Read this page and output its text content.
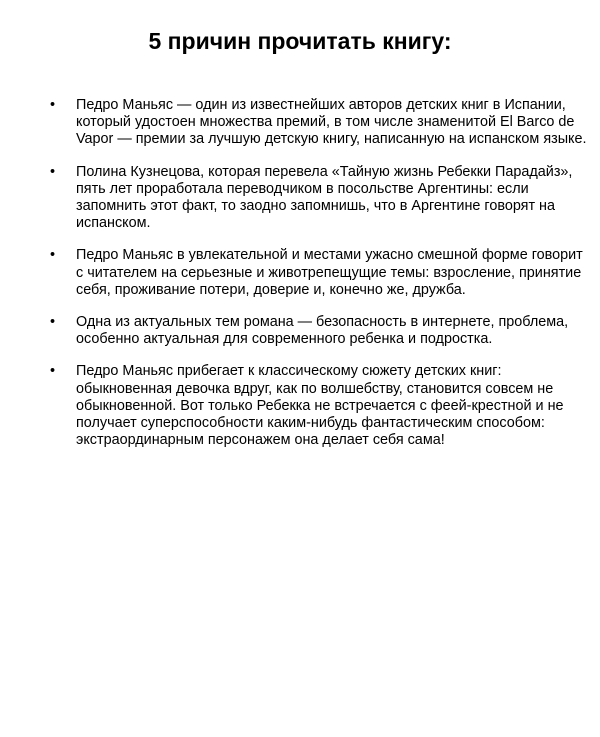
5 причин прочитать книгу:
•	Педро Маньяс — один из известнейших авторов детских книг в Испании, который удостоен множества премий, в том числе знаменитой El Barco de Vapor — премии за лучшую детскую книгу, написанную на испанском языке.
•	Полина Кузнецова, которая перевела «Тайную жизнь Ребекки Парадайз», пять лет проработала переводчиком в посольстве Аргентины: если запомнить этот факт, то заодно запомнишь, что в Аргентине говорят на испанском.
•	Педро Маньяс в увлекательной и местами ужасно смешной форме говорит с читателем на серьезные и животрепещущие темы: взросление, принятие себя, проживание потери, доверие и, конечно же, дружба.
•	Одна из актуальных тем романа — безопасность в интернете, проблема, особенно актуальная для современного ребенка и подростка.
•	Педро Маньяс прибегает к классическому сюжету детских книг: обыкновенная девочка вдруг, как по волшебству, становится совсем не обыкновенной. Вот только Ребекка не встречается с феей-крестной и не получает суперспособности каким-нибудь фантастическим способом: экстраординарным персонажем она делает себя сама!
